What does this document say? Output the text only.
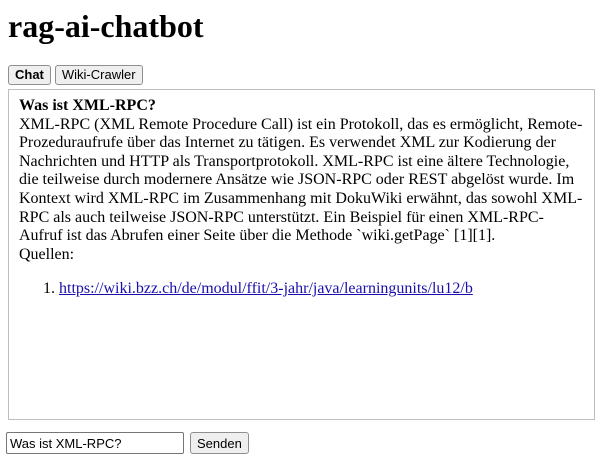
rag-ai-chatbot
Chat	Wiki-Crawler
Was ist XML-RPC?
XML-RPC (XML Remote Procedure Call) ist ein Protokoll, das es ermöglicht, Remote-Prozeduraufrufe über das Internet zu tätigen. Es verwendet XML zur Kodierung der Nachrichten und HTTP als Transportprotokoll. XML-RPC ist eine ältere Technologie, die teilweise durch modernere Ansätze wie JSON-RPC oder REST abgelöst wurde. Im Kontext wird XML-RPC im Zusammenhang mit DokuWiki erwähnt, das sowohl XML-RPC als auch teilweise JSON-RPC unterstützt. Ein Beispiel für einen XML-RPC-Aufruf ist das Abrufen einer Seite über die Methode `wiki.getPage` [1][1].
Quellen:
1. https://wiki.bzz.ch/de/modul/ffit/3-jahr/java/learningunits/lu12/b
Was ist XML-RPC?
Senden
